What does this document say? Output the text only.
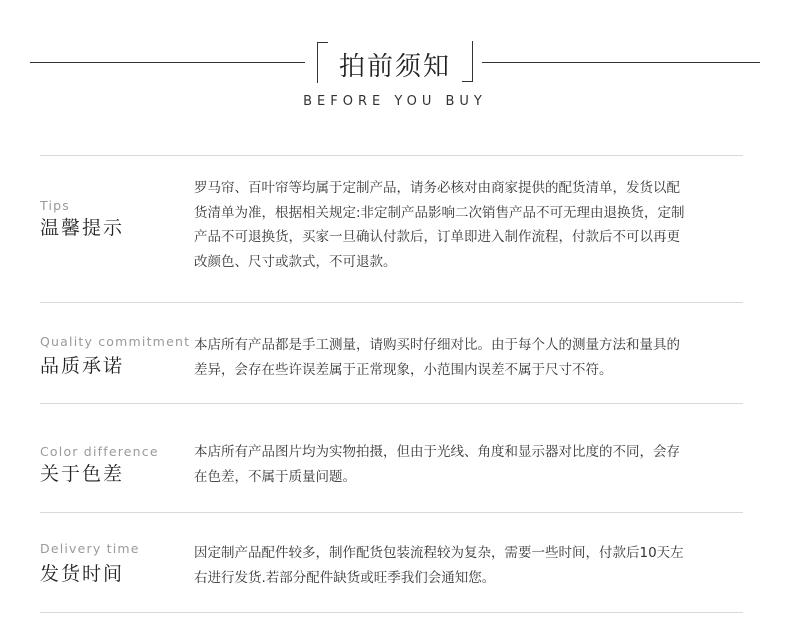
拍前须知
BEFORE YOU BUY
Tips
温馨提示

罗马帘、百叶帘等均属于定制产品，请务必核对由商家提供的配货清单，发货以配

货清单为准，根据相关规定:非定制产品影响二次销售产品不可无理由退换货，定制

产品不可退换货，买家一旦确认付款后，订单即进入制作流程，付款后不可以再更

改颜色、尺寸或款式，不可退款。

Quality commitment
品质承诺

本店所有产品都是手工测量，请购买时仔细对比。由于每个人的测量方法和量具的

差异，会存在些许误差属于正常现象，小范围内误差不属于尺寸不符。

Color difference
关于色差

本店所有产品图片均为实物拍摄，但由于光线、角度和显示器对比度的不同，会存

在色差，不属于质量问题。

Delivery time
发货时间

因定制产品配件较多，制作配货包装流程较为复杂，需要一些时间，付款后10天左

右进行发货.若部分配件缺货或旺季我们会通知您。
